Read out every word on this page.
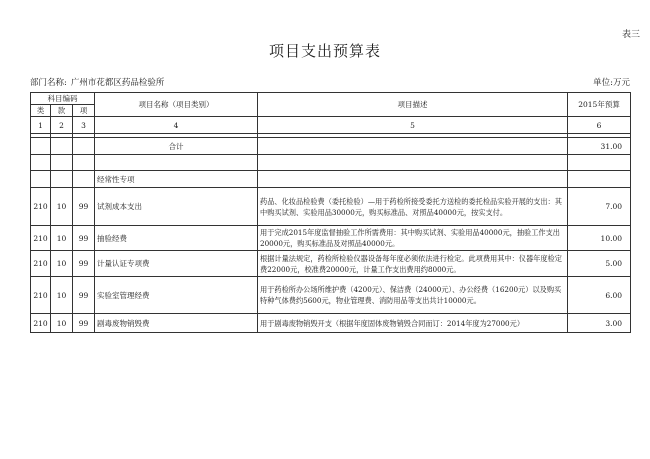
表三
项目支出预算表
部门名称: 广州市花都区药品检验所	单位:万元
科目编码			项目名称（项目类别）	项目描述	2015年预算
类	款	项			
1	2	3	4	5	6

			合计		31.00

			经常性专项		
210	10	99	试剂成本支出	药品、化妆品检验费（委托检验）—用于药检所接受委托方送检的委托检品实验开展的支出：其中购买试剂、实验用品30000元，购买标准品、对照品40000元，按实支付。	7.00
210	10	99	抽验经费	用于完成2015年度监督抽验工作所需费用：其中购买试剂、实验用品40000元，抽验工作支出20000元，购买标准品及对照品40000元。	10.00
210	10	99	计量认证专项费	根据计量法规定，药检所检验仪器设备每年度必须依法进行检定。此项费用其中：仪器年度检定费22000元，校准费20000元，计量工作支出费用约8000元。	5.00
210	10	99	实验室管理经费	用于药检所办公场所维护费（4200元）、保洁费（24000元）、办公经费（16200元）以及购买特种气体费约5600元，物业管理费、消防用品等支出共计10000元。	6.00
210	10	99	剧毒废物销毁费	用于剧毒废物销毁开支（根据年度固体废物销毁合同而订：2014年度为27000元）	3.00
